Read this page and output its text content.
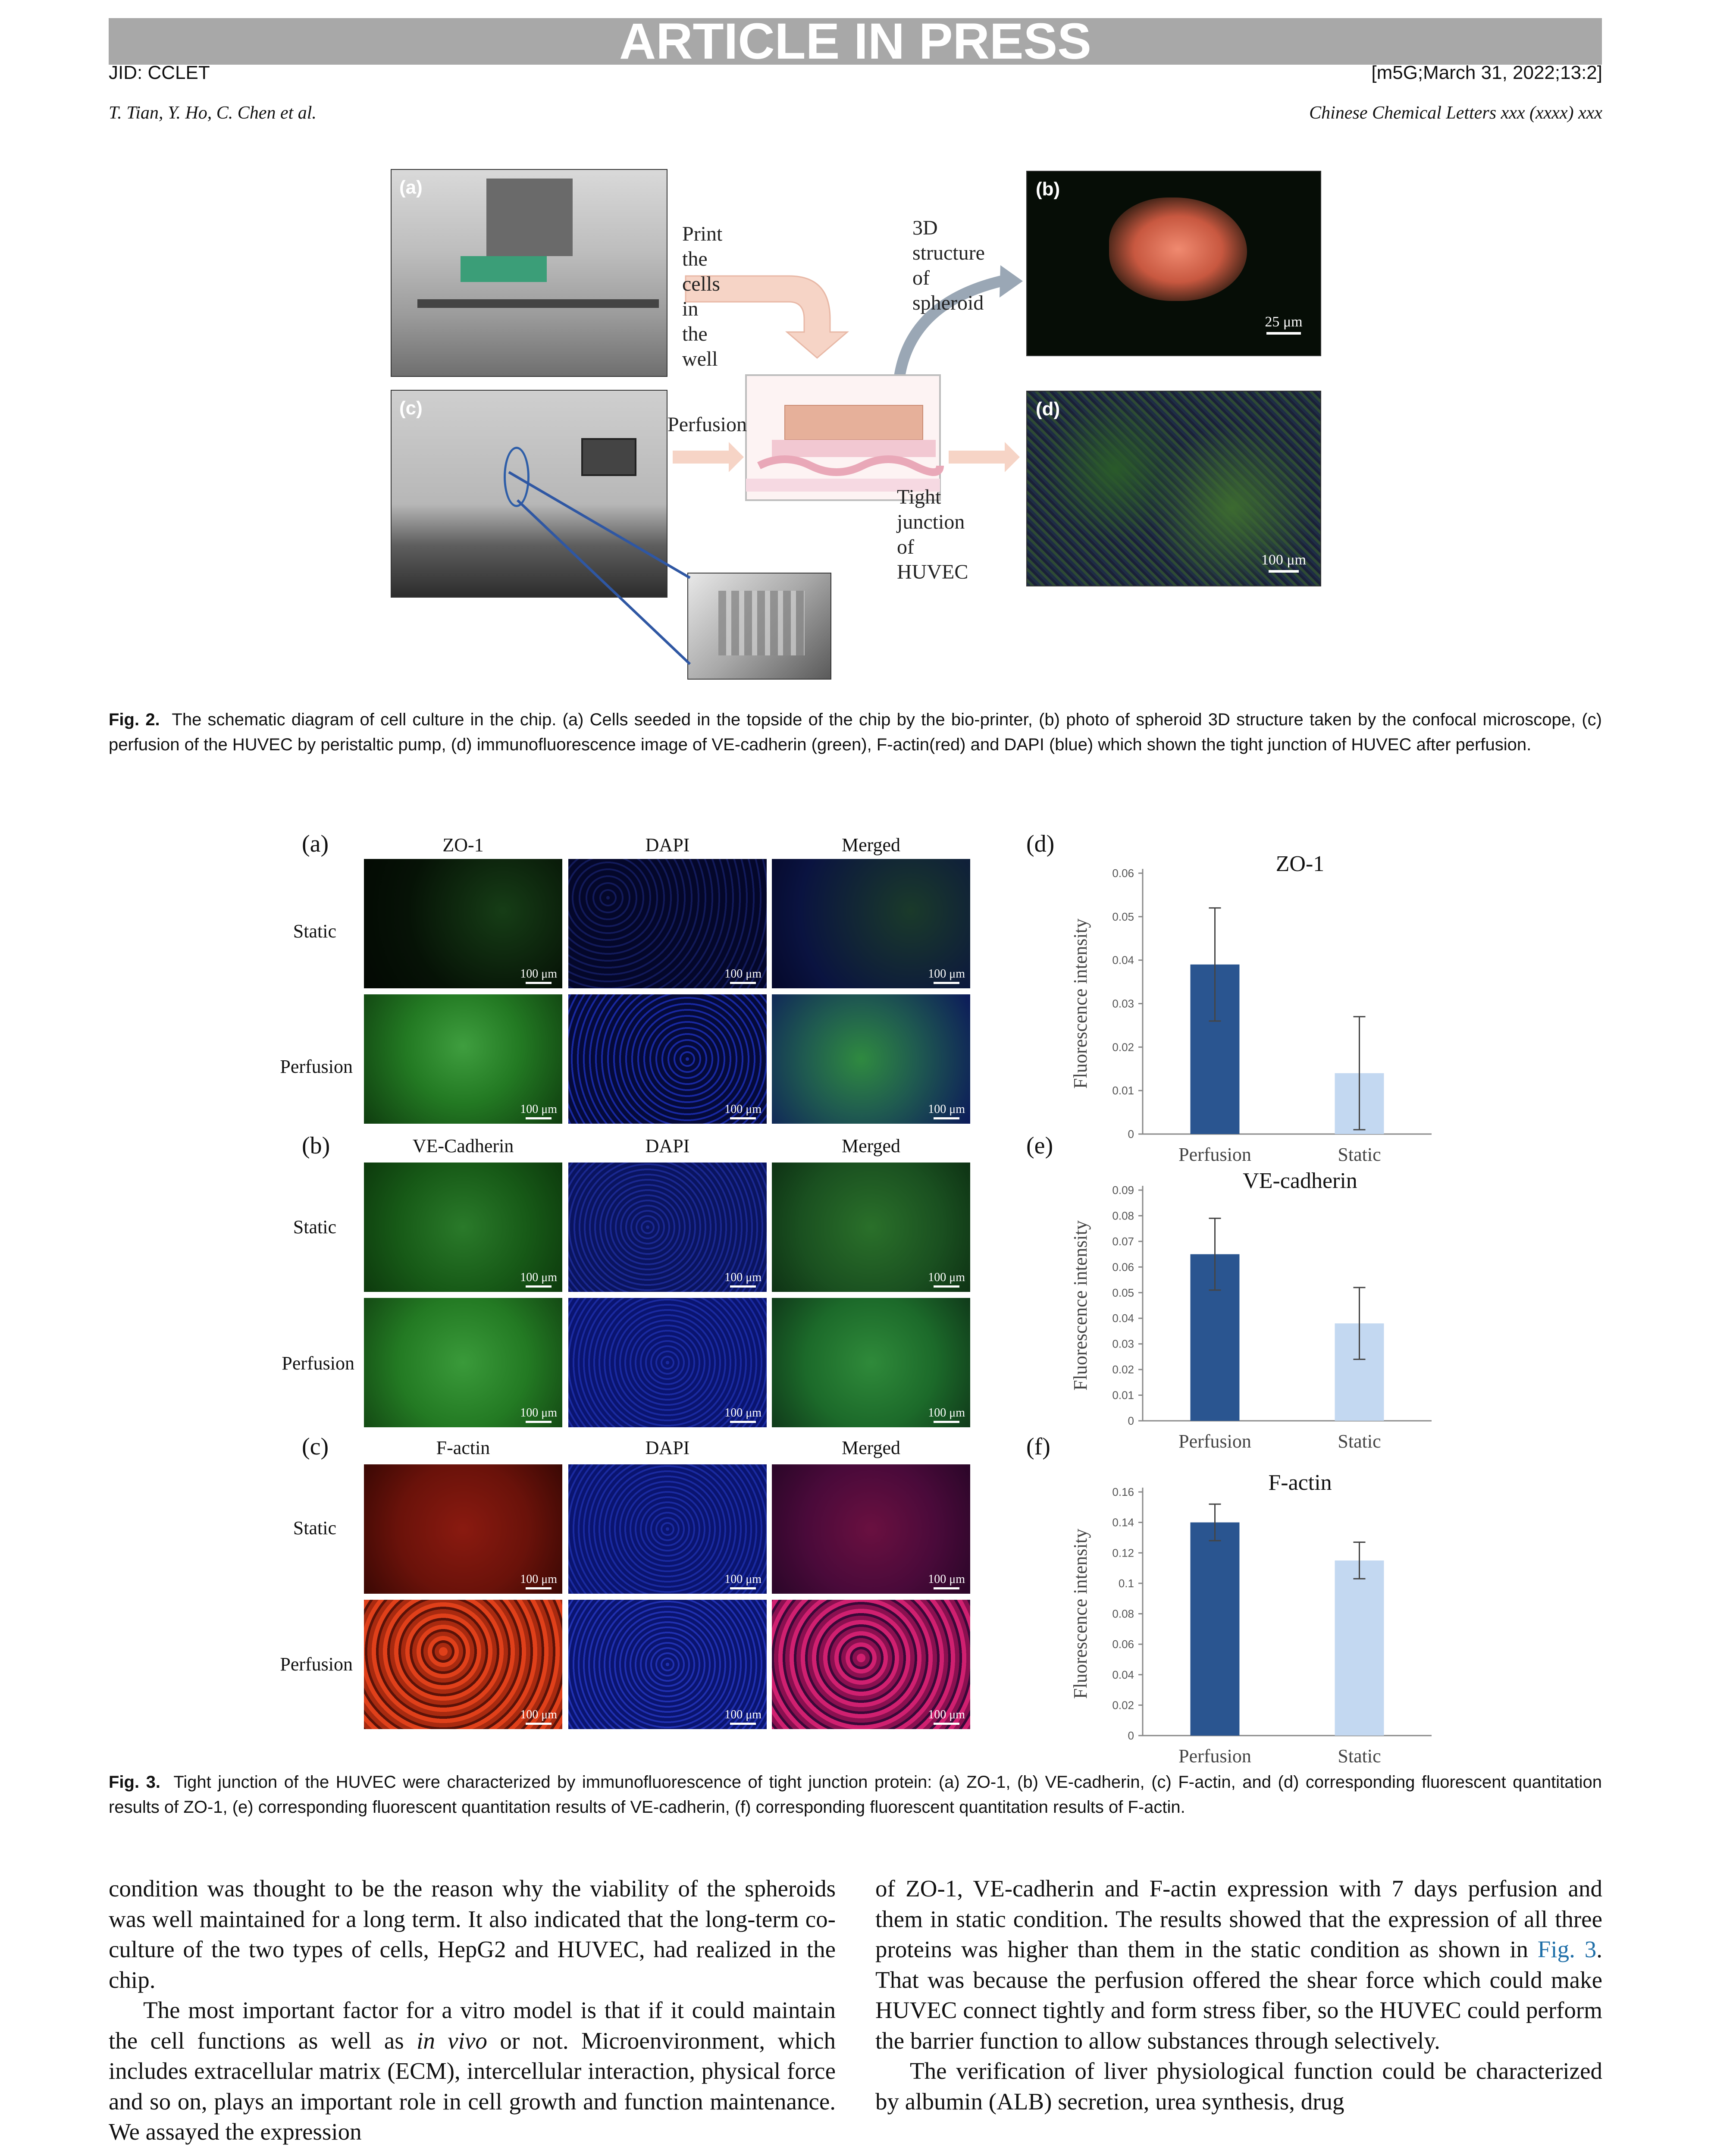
ARTICLE IN PRESS
JID: CCLET	[m5G;March 31, 2022;13:2]
T. Tian, Y. Ho, C. Chen et al.	Chinese Chemical Letters xxx (xxxx) xxx
(a)	(b)
25 μm
(c)	(d)
100 μm
Print the cells
in the well
3D structure
of spheroid
Perfusion
Tight junction
of HUVEC
Fig. 2. The schematic diagram of cell culture in the chip. (a) Cells seeded in the topside of the chip by the bio-printer, (b) photo of spheroid 3D structure taken by the confocal microscope, (c) perfusion of the HUVEC by peristaltic pump, (d) immunofluorescence image of VE-cadherin (green), F-actin(red) and DAPI (blue) which shown the tight junction of HUVEC after perfusion.
(a)
(b)
(c)
(d)
(e)
(f)
ZO-1	DAPI	Merged
VE-Cadherin	DAPI	Merged
F-actin	DAPI	Merged
Static
Perfusion
Static
Perfusion
Static
Perfusion
100 μm	100 μm	100 μm
100 μm	100 μm	100 μm
100 μm	100 μm	100 μm
100 μm	100 μm	100 μm
100 μm	100 μm	100 μm
100 μm	100 μm	100 μm
ZO-1
Fluorescence intensity
0
0.01
0.02
0.03
0.04
0.05
0.06
Perfusion	Static
VE-cadherin
Fluorescence intensity
0
0.01
0.02
0.03
0.04
0.05
0.06
0.07
0.08
0.09
Perfusion	Static
F-actin
Fluorescence intensity
0
0.02
0.04
0.06
0.08
0.1
0.12
0.14
0.16
Perfusion	Static
Fig. 3. Tight junction of the HUVEC were characterized by immunofluorescence of tight junction protein: (a) ZO-1, (b) VE-cadherin, (c) F-actin, and (d) corresponding fluorescent quantitation results of ZO-1, (e) corresponding fluorescent quantitation results of VE-cadherin, (f) corresponding fluorescent quantitation results of F-actin.

condition was thought to be the reason why the viability of the spheroids was well maintained for a long term. It also indicated that the long-term co-culture of the two types of cells, HepG2 and HUVEC, had realized in the chip.

The most important factor for a vitro model is that if it could maintain the cell functions as well as in vivo or not. Microenvironment, which includes extracellular matrix (ECM), intercellular interaction, physical force and so on, plays an important role in cell growth and function maintenance. We assayed the expression

of ZO-1, VE-cadherin and F-actin expression with 7 days perfusion and them in static condition. The results showed that the expression of all three proteins was higher than them in the static condition as shown in Fig. 3. That was because the perfusion offered the shear force which could make HUVEC connect tightly and form stress fiber, so the HUVEC could perform the barrier function to allow substances through selectively.

The verification of liver physiological function could be characterized by albumin (ALB) secretion, urea synthesis, drug
